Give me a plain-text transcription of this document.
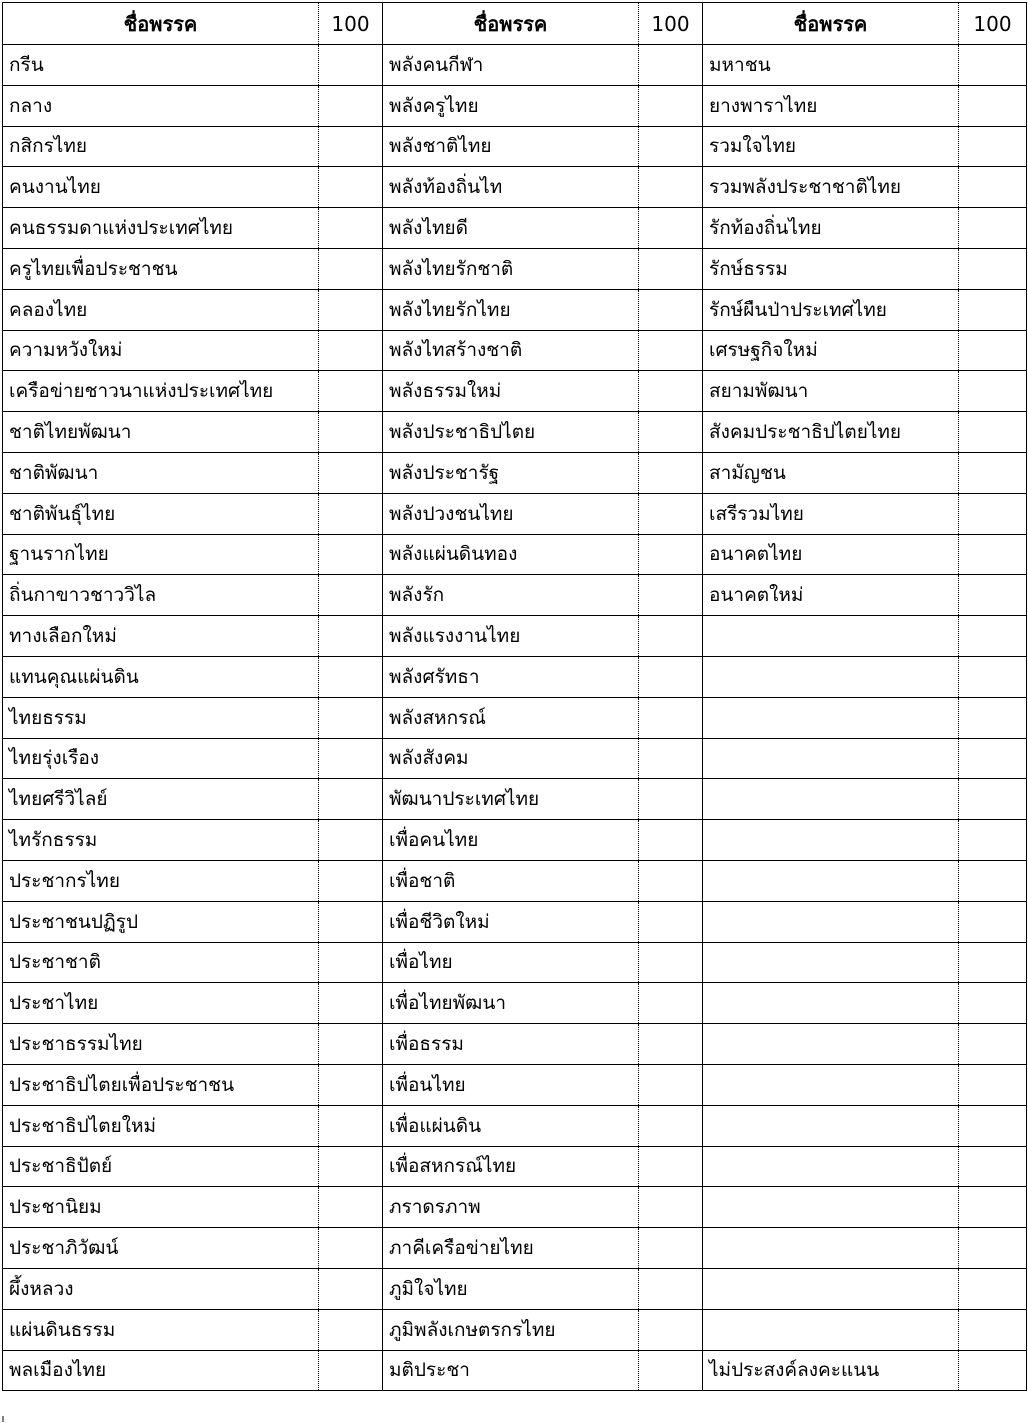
ชื่อพรรค	100	ชื่อพรรค	100	ชื่อพรรค	100
กรีน		พลังคนกีฬา		มหาชน	
กลาง		พลังครูไทย		ยางพาราไทย	
กสิกรไทย		พลังชาติไทย		รวมใจไทย	
คนงานไทย		พลังท้องถิ่นไท		รวมพลังประชาชาติไทย	
คนธรรมดาแห่งประเทศไทย		พลังไทยดี		รักท้องถิ่นไทย	
ครูไทยเพื่อประชาชน		พลังไทยรักชาติ		รักษ์ธรรม	
คลองไทย		พลังไทยรักไทย		รักษ์ผืนป่าประเทศไทย	
ความหวังใหม่		พลังไทสร้างชาติ		เศรษฐกิจใหม่	
เครือข่ายชาวนาแห่งประเทศไทย		พลังธรรมใหม่		สยามพัฒนา	
ชาติไทยพัฒนา		พลังประชาธิปไตย		สังคมประชาธิปไตยไทย	
ชาติพัฒนา		พลังประชารัฐ		สามัญชน	
ชาติพันธุ์ไทย		พลังปวงชนไทย		เสรีรวมไทย	
ฐานรากไทย		พลังแผ่นดินทอง		อนาคตไทย	
ถิ่นกาขาวชาววิไล		พลังรัก		อนาคตใหม่	
ทางเลือกใหม่		พลังแรงงานไทย			
แทนคุณแผ่นดิน		พลังศรัทธา			
ไทยธรรม		พลังสหกรณ์			
ไทยรุ่งเรือง		พลังสังคม			
ไทยศรีวิไลย์		พัฒนาประเทศไทย			
ไทรักธรรม		เพื่อคนไทย			
ประชากรไทย		เพื่อชาติ			
ประชาชนปฏิรูป		เพื่อชีวิตใหม่			
ประชาชาติ		เพื่อไทย			
ประชาไทย		เพื่อไทยพัฒนา			
ประชาธรรมไทย		เพื่อธรรม			
ประชาธิปไตยเพื่อประชาชน		เพื่อนไทย			
ประชาธิปไตยใหม่		เพื่อแผ่นดิน			
ประชาธิปัตย์		เพื่อสหกรณ์ไทย			
ประชานิยม		ภราดรภาพ			
ประชาภิวัฒน์		ภาคีเครือข่ายไทย			
ผึ้งหลวง		ภูมิใจไทย			
แผ่นดินธรรม		ภูมิพลังเกษตรกรไทย			
พลเมืองไทย		มติประชา		ไม่ประสงค์ลงคะแนน	
